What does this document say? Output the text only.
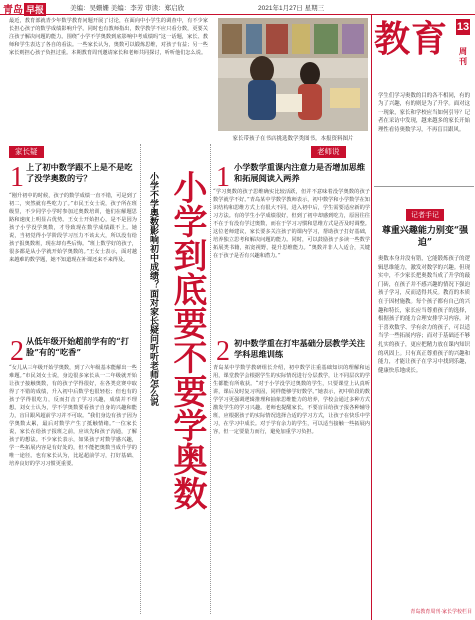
青岛 早报	美编：吴姗姗 美编：李芳 审读：郑启欣	2021年1月27日 星期三
教育 13
周刊
学生们学习奥数的目的各不相同，有的为了兴趣，有的则是为了升学。面对这一现象，家长和学校应当如何引导？记者在采访中发现，越来越多的家长开始理性看待奥数学习，不再盲目跟风。
记者手记
尊重兴趣能力别变“强迫”
奥数本身并没有错，它能锻炼孩子的逻辑思维能力，激发对数学的兴趣。但现实中，不少家长把奥数当成了升学的敲门砖，在孩子并不感兴趣的情况下强迫孩子学习，反而适得其反。教育的本质在于因材施教。每个孩子都有自己的兴趣和特长，家长应当尊重孩子的选择，根据孩子的能力合理安排学习内容。对于喜欢数学、学有余力的孩子，可以适当学一些拓展内容；而对于基础还不够扎实的孩子，更应把精力放在课内知识的巩固上。只有真正尊重孩子的兴趣和能力，才能让孩子在学习中找到乐趣，健康快乐地成长。
青岛教育周刊·家长学校栏目
最近，教育部就青少年数学教育问题开展了讨论，在面向中小学生的调查中，有不少家长担心孩子的数学成绩影响升学。同时也有教师指出，数学教学不应只看分数，更要关注孩子解决问题的能力。围绕“小学不学奥数到底影响中考成绩吗”这一话题，家长、教师和学生表达了各自的看法。一些家长认为，奥数可以锻炼思维，对孩子有益；另一些家长则担心孩子负担过重。本期教育周刊邀请家长和老师共同探讨，听听他们怎么说。
家长带孩子在书店挑选数学类图书。本报资料图片
家长疑	老师说
小学不学奥数影响初中成绩？面对家长疑问听听老师怎么说 小学到底要不要学奥数
1 上了初中数学跟不上是不是吃了没学奥数的亏？
“刚升初中的时候，孩子的数学成绩一直不错，可是到了初二，突然就有些吃力了。”市民王女士说，孩子所在班级里，不少同学小学时参加过奥数培训，他们在解题思路和速度上明显占优势。王女士开始担心，是不是因为孩子小学没学奥数，才导致现在数学成绩跟不上。她说，当初觉得小学阶段学习压力不该太大，所以没有给孩子报奥数班，现在却有些后悔。“班上数学好的孩子，很多都是从小学就开始学奥数的。”王女士表示，面对越来越难的数学题，她不知道现在补课还来不来得及。
2 从低年级开始超前学有的“打脸”有的“吃香”
“女儿从三年级开始学奥数，到了六年级基本能解出一些难题。”市民刘女士说，身边很多家长从一二年级就开始让孩子接触奥数，有的孩子学得很好，在各类竞赛中取得了不错的成绩，升入初中后数学也很轻松；但也有的孩子学得很吃力，反而打击了学习兴趣，成绩并不理想。刘女士认为，学不学奥数要看孩子自身的兴趣和能力，盲目跟风超前学习并不可取。“我们身边有孩子因为学奥数太累，最后对数学产生了抵触情绪。”一位家长说，家长在给孩子报班之前，应该先和孩子沟通，了解孩子的想法。不少家长表示，如果孩子对数学感兴趣，学一些拓展内容是有好处的，但不能把奥数当成升学的唯一途径。也有家长认为，比起超前学习，打好基础、培养良好的学习习惯更重要。
1 小学数学重课内注意力是否增加思维和拓展阅读入两养
“学习奥数的孩子思维确实比较活跃，但并不意味着没学奥数的孩子数学就学不好。”青岛某中学数学教师表示，初中数学和小学数学在知识结构和思维方式上有很大不同，进入初中后，学生需要适应新的学习方法。有的学生小学成绩很好，但到了初中却感到吃力，原因往往不在于有没有学过奥数，而在于学习习惯和思维方式是否及时调整。这位老师建议，家长要多关注孩子的课内学习，帮助孩子打好基础，培养独立思考和解决问题的能力。同时，可以鼓励孩子多读一些数学拓展类书籍，拓宽视野，提升思维能力。“奥数并非人人适合，关键在于孩子是否有兴趣和潜力。”
2 初中数学重在打牢基础分层教学关注学科思维训练
青岛某中学数学教研组长介绍，初中数学注重基础知识的理解和运用，课堂教学会根据学生的实际情况进行分层教学，让不同层次的学生都能有所收获。“对于小学没学过奥数的学生，只要课堂上认真听讲，课后及时复习巩固，同样能够学好数学。”她表示，初中阶段的数学学习更强调逻辑推理和抽象思维能力的培养，学校会通过多种方式激发学生的学习兴趣。老师也提醒家长，不要盲目给孩子报各种辅导班，应根据孩子的实际情况选择合适的学习方式，让孩子在快乐中学习，在学习中成长。对于学有余力的学生，可以适当接触一些拓展内容，但一定要量力而行，避免加重学习负担。
